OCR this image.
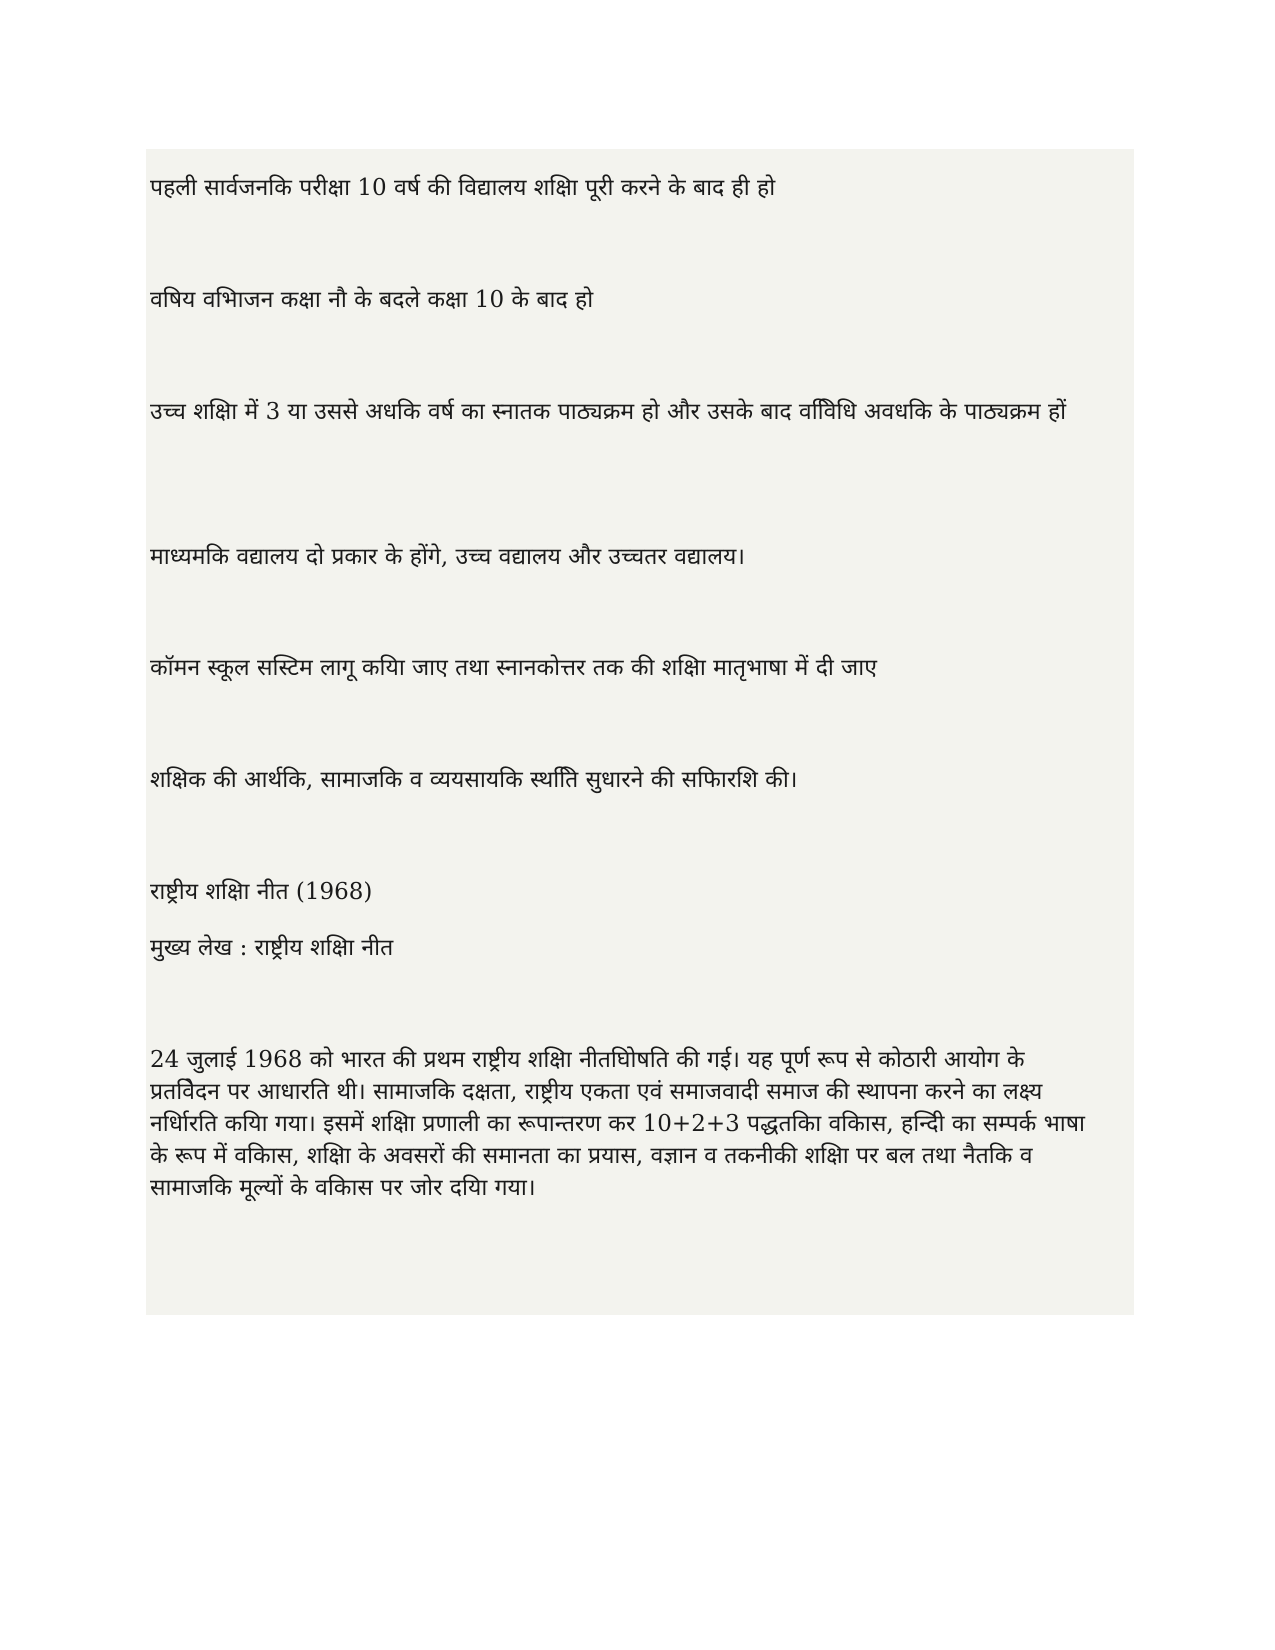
पहली सार्वजनकि परीक्षा 10 वर्ष की विद्यालय शक्षिा पूरी करने के बाद ही हो

वषिय वभिाजन कक्षा नौ के बदले कक्षा 10 के बाद हो

उच्च शक्षिा में 3 या उससे अधकि वर्ष का स्नातक पाठ्यक्रम हो और उसके बाद ववििधि अवधकि के पाठ्यक्रम हों

माध्यमकि वद्यालय दो प्रकार के होंगे, उच्च वद्यालय और उच्चतर वद्यालय।

कॉमन स्कूल सस्टिम लागू कयिा जाए तथा स्नानकोत्तर तक की शक्षिा मातृभाषा में दी जाए

शक्षिक की आर्थकि, सामाजकि व व्ययसायकि स्थतिि सुधारने की सफिारशि की।

राष्ट्रीय शक्षिा नीत (1968)

मुख्य लेख : राष्ट्रीय शक्षिा नीत

24 जुलाई 1968 को भारत की प्रथम राष्ट्रीय शक्षिा नीतघिोषति की गई। यह पूर्ण रूप से कोठारी आयोग के प्रतविेदन पर आधारति थी। सामाजकि दक्षता, राष्ट्रीय एकता एवं समाजवादी समाज की स्थापना करने का लक्ष्य नर्धिारति कयिा गया। इसमें शक्षिा प्रणाली का रूपान्तरण कर 10+2+3 पद्धतकिा वकिास, हन्दिी का सम्पर्क भाषा के रूप में वकिास, शक्षिा के अवसरों की समानता का प्रयास, वज्ञान व तकनीकी शक्षिा पर बल तथा नैतकि व सामाजकि मूल्यों के वकिास पर जोर दयिा गया।
